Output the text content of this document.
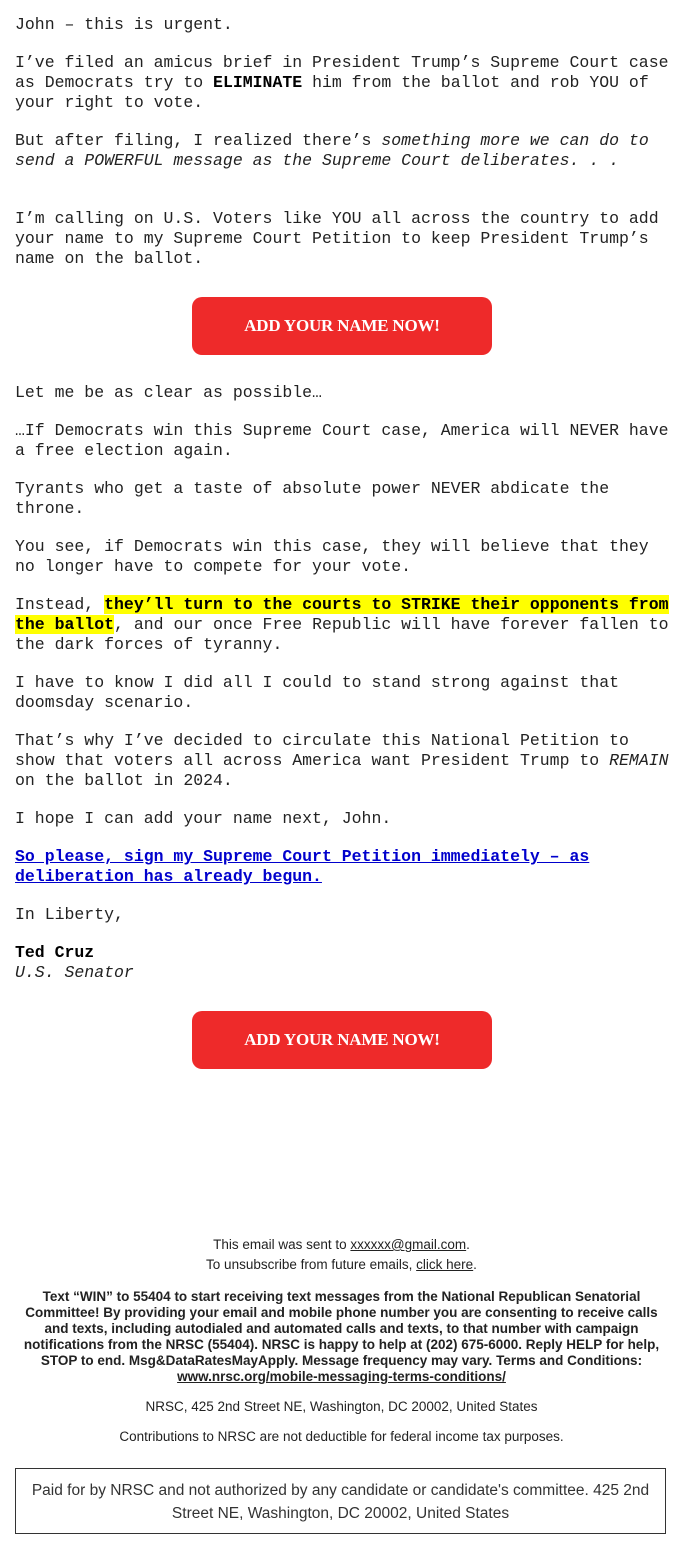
John – this is urgent.

I’ve filed an amicus brief in President Trump’s Supreme Court case as Democrats try to ELIMINATE him from the ballot and rob YOU of your right to vote.

But after filing, I realized there’s something more we can do to send a POWERFUL message as the Supreme Court deliberates. . .

I’m calling on U.S. Voters like YOU all across the country to add your name to my Supreme Court Petition to keep President Trump’s name on the ballot.

ADD YOUR NAME NOW!

Let me be as clear as possible…

…If Democrats win this Supreme Court case, America will NEVER have a free election again.

Tyrants who get a taste of absolute power NEVER abdicate the throne.

You see, if Democrats win this case, they will believe that they no longer have to compete for your vote.

Instead, they’ll turn to the courts to STRIKE their opponents from the ballot, and our once Free Republic will have forever fallen to the dark forces of tyranny.

I have to know I did all I could to stand strong against that doomsday scenario.

That’s why I’ve decided to circulate this National Petition to show that voters all across America want President Trump to REMAIN on the ballot in 2024.

I hope I can add your name next, John.

So please, sign my Supreme Court Petition immediately – as deliberation has already begun.

In Liberty,

Ted Cruz
U.S. Senator

ADD YOUR NAME NOW!
This email was sent to xxxxxx@gmail.com.
To unsubscribe from future emails, click here.
Text “WIN” to 55404 to start receiving text messages from the National Republican Senatorial Committee! By providing your email and mobile phone number you are consenting to receive calls and texts, including autodialed and automated calls and texts, to that number with campaign notifications from the NRSC (55404). NRSC is happy to help at (202) 675-6000. Reply HELP for help, STOP to end. Msg&DataRatesMayApply. Message frequency may vary. Terms and Conditions: www.nrsc.org/mobile-messaging-terms-conditions/
NRSC, 425 2nd Street NE, Washington, DC 20002, United States
Contributions to NRSC are not deductible for federal income tax purposes.
Paid for by NRSC and not authorized by any candidate or candidate's committee. 425 2nd Street NE, Washington, DC 20002, United States
